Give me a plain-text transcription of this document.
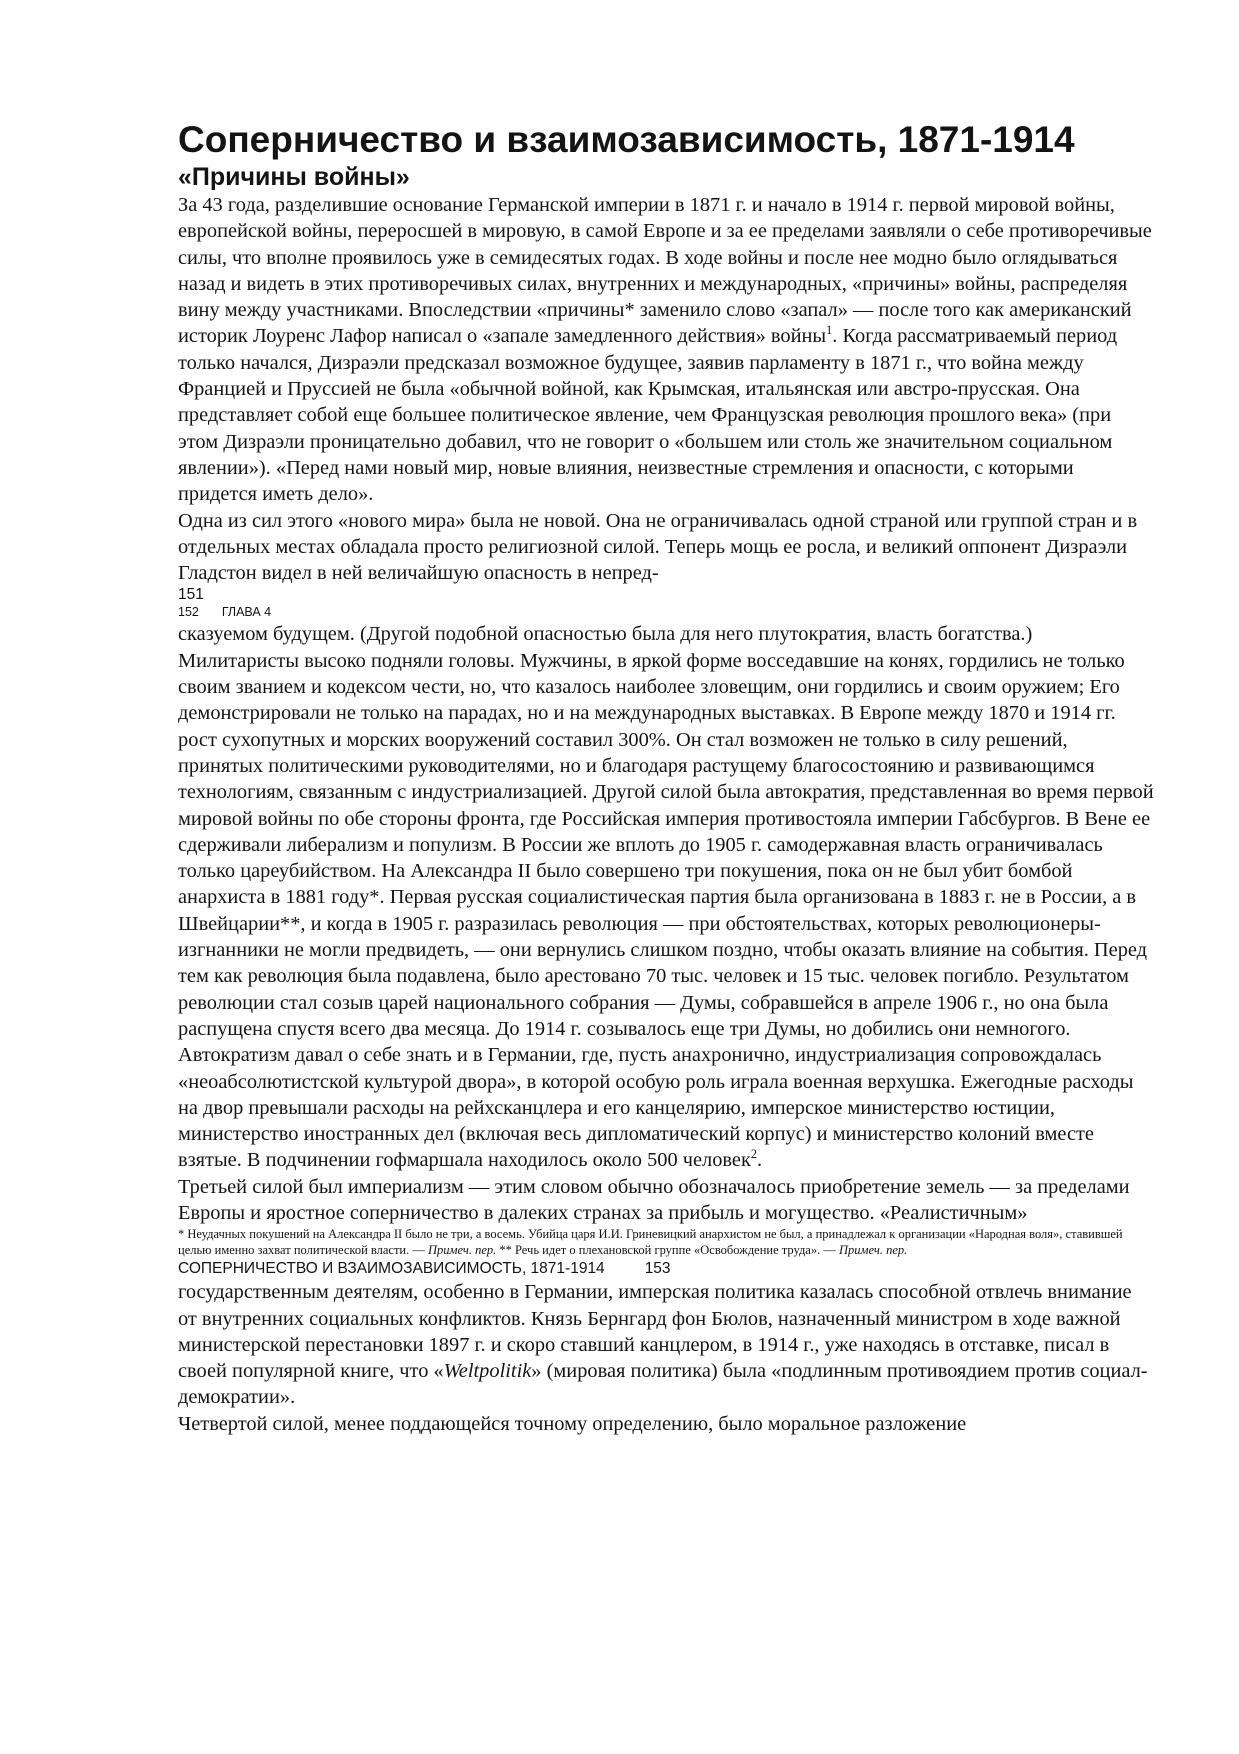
Соперничество и взаимозависимость, 1871-1914
«Причины войны»

За 43 года, разделившие основание Германской империи в 1871 г. и начало в 1914 г. первой мировой войны, европейской войны, переросшей в мировую, в самой Европе и за ее пределами заявляли о себе противоречивые силы, что вполне проявилось уже в семидесятых годах. В ходе войны и после нее модно было оглядываться назад и видеть в этих противоречивых силах, внутренних и международных, «причины» войны, распределяя вину между участниками. Впоследствии «причины* заменило слово «запал» — после того как американский историк Лоуренс Лафор написал о «запале замедленного действия» войны$^1$. Когда рассматриваемый период только начался, Дизраэли предсказал возможное будущее, заявив парламенту в 1871 г., что война между Францией и Пруссией не была «обычной войной, как Крымская, итальянская или австро-прусская. Она представляет собой еще большее политическое явление, чем Французская революция прошлого века» (при этом Дизраэли проницательно добавил, что не говорит о «большем или столь же значительном социальном явлении»). «Перед нами новый мир, новые влияния, неизвестные стремления и опасности, с которыми придется иметь дело».

Одна из сил этого «нового мира» была не новой. Она не ограничивалась одной страной или группой стран и в отдельных местах обладала просто религиозной силой. Теперь мощь ее росла, и великий оппонент Дизраэли Гладстон видел в ней величайшую опасность в непред-

151
152 ГЛАВА 4

сказуемом будущем. (Другой подобной опасностью была для него плутократия, власть богатства.) Милитаристы высоко подняли головы. Мужчины, в яркой форме восседавшие на конях, гордились не только своим званием и кодексом чести, но, что казалось наиболее зловещим, они гордились и своим оружием; Его демонстрировали не только на парадах, но и на международных выставках. В Европе между 1870 и 1914 гг. рост сухопутных и морских вооружений составил 300%. Он стал возможен не только в силу решений, принятых политическими руководителями, но и благодаря растущему благосостоянию и развивающимся технологиям, связанным с индустриализацией. Другой силой была автократия, представленная во время первой мировой войны по обе стороны фронта, где Российская империя противостояла империи Габсбургов. В Вене ее сдерживали либерализм и популизм. В России же вплоть до 1905 г. самодержавная власть ограничивалась только цареубийством. На Александра II было совершено три покушения, пока он не был убит бомбой анархиста в 1881 году*. Первая русская социалистическая партия была организована в 1883 г. не в России, а в Швейцарии**, и когда в 1905 г. разразилась революция — при обстоятельствах, которых революционеры-изгнанники не могли предвидеть, — они вернулись слишком поздно, чтобы оказать влияние на события. Перед тем как революция была подавлена, было арестовано 70 тыс. человек и 15 тыс. человек погибло. Результатом революции стал созыв царей национального собрания — Думы, собравшейся в апреле 1906 г., но она была распущена спустя всего два месяца. До 1914 г. созывалось еще три Думы, но добились они немногого. Автократизм давал о себе знать и в Германии, где, пусть анахронично, индустриализация сопровождалась «неоабсолютистской культурой двора», в которой особую роль играла военная верхушка. Ежегодные расходы на двор превышали расходы на рейхсканцлера и его канцелярию, имперское министерство юстиции, министерство иностранных дел (включая весь дипломатический корпус) и министерство колоний вместе взятые. В подчинении гофмаршала находилось около 500 человек$^2$.

Третьей силой был империализм — этим словом обычно обозначалось приобретение земель — за пределами Европы и яростное соперничество в далеких странах за прибыль и могущество. «Реалистичным»

* Неудачных покушений на Александра II было не три, а восемь. Убийца царя И.И. Гриневицкий анархистом не был, а принадлежал к организации «Народная воля», ставившей целью именно захват политической власти. — Примеч. пер. ** Речь идет о плехановской группе «Освобождение труда». — Примеч. пер.
СОПЕРНИЧЕСТВО И ВЗАИМОЗАВИСИМОСТЬ, 1871-1914	153

государственным деятелям, особенно в Германии, имперская политика казалась способной отвлечь внимание от внутренних социальных конфликтов. Князь Бернгард фон Бюлов, назначенный министром в ходе важной министерской перестановки 1897 г. и скоро ставший канцлером, в 1914 г., уже находясь в отставке, писал в своей популярной книге, что «Weltpolitik» (мировая политика) была «подлинным противоядием против социал-демократии».

Четвертой силой, менее поддающейся точному определению, было моральное разложение
